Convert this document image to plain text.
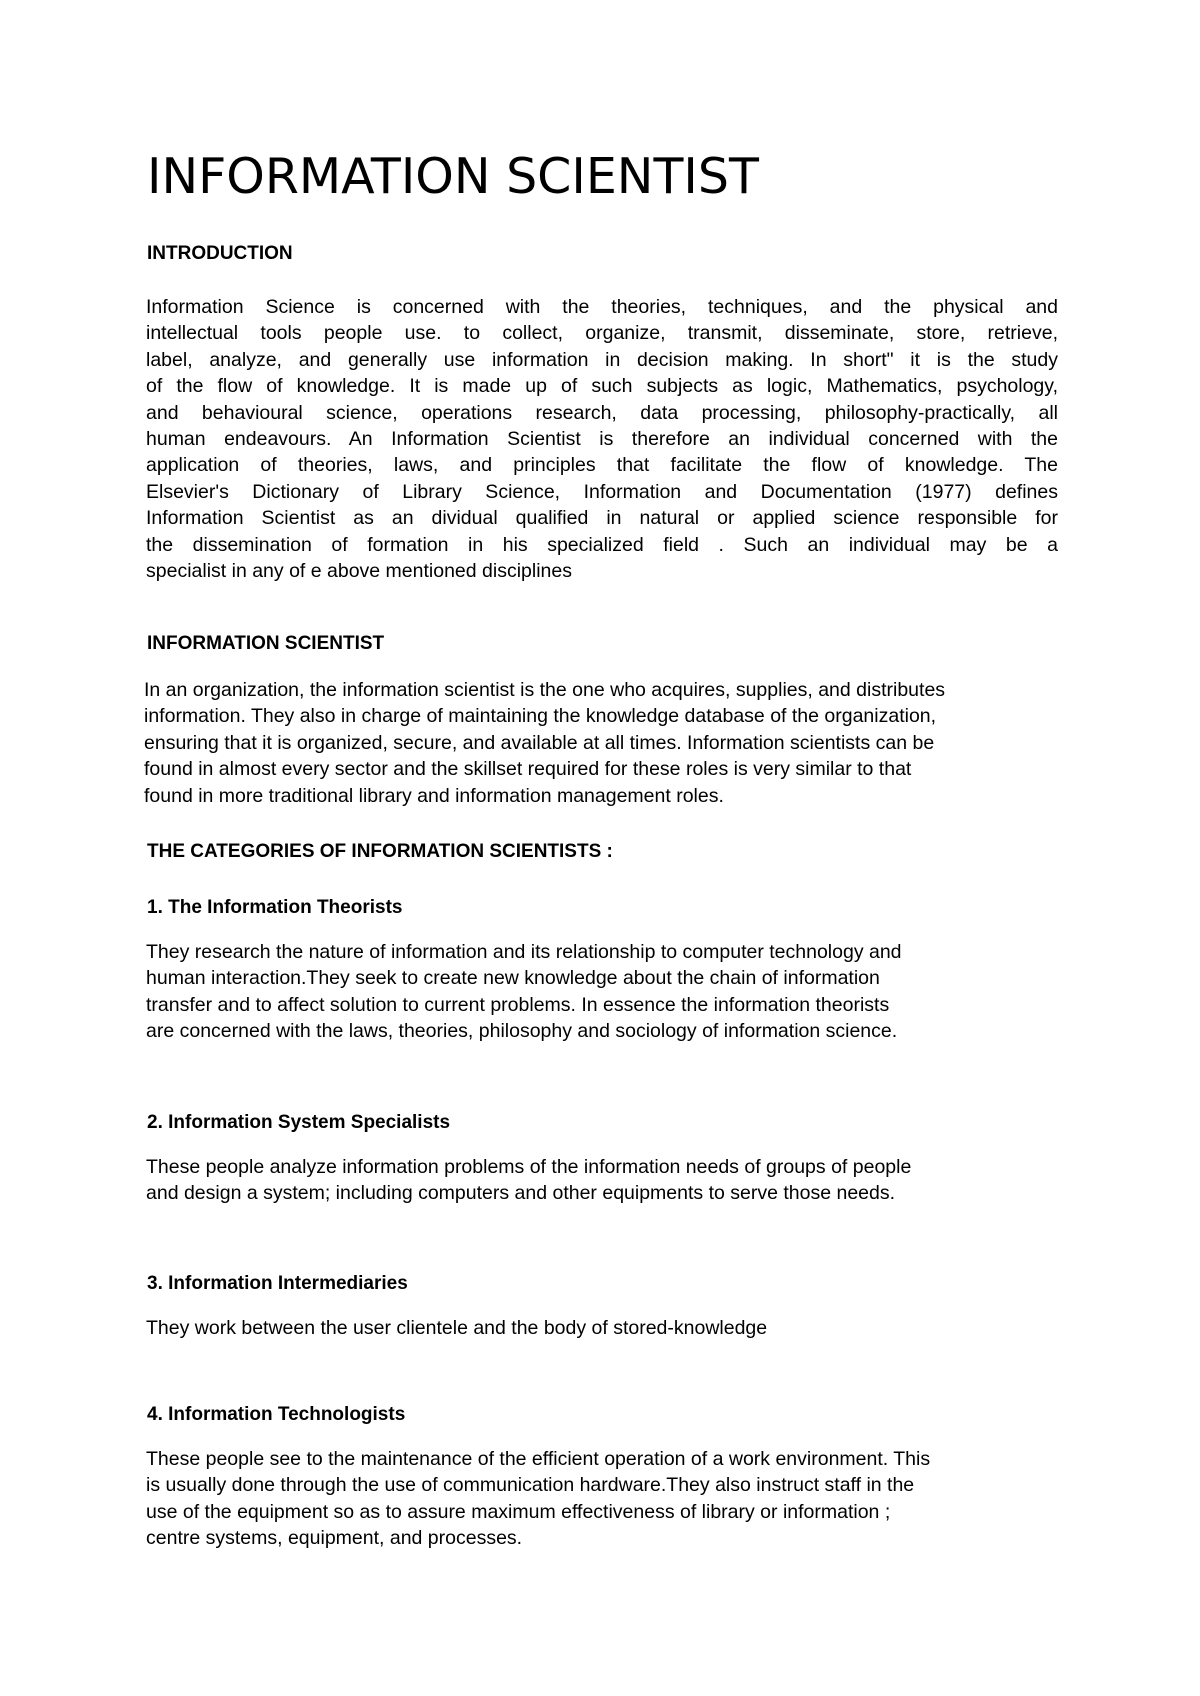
INFORMATION SCIENTIST
INTRODUCTION
Information Science is concerned with the theories, techniques, and the physical and
intellectual tools people use. to collect, organize, transmit, disseminate, store, retrieve,
label, analyze, and generally use information in decision making. In short" it is the study
of the flow of knowledge. It is made up of such subjects as logic, Mathematics, psychology,
and behavioural science, operations research, data processing, philosophy-practically, all
human endeavours. An Information Scientist is therefore an individual concerned with the
application of theories, laws, and principles that facilitate the flow of knowledge. The
Elsevier's Dictionary of Library Science, Information and Documentation (1977) defines
Information Scientist as an dividual qualified in natural or applied science responsible for
the dissemination of formation in his specialized field . Such an individual may be a
specialist in any of e above mentioned disciplines
INFORMATION SCIENTIST
In an organization, the information scientist is the one who acquires, supplies, and distributes
information. They also in charge of maintaining the knowledge database of the organization,
ensuring that it is organized, secure, and available at all times. Information scientists can be
found in almost every sector and the skillset required for these roles is very similar to that
found in more traditional library and information management roles.
THE CATEGORIES OF INFORMATION SCIENTISTS :
1. The Information Theorists
They research the nature of information and its relationship to computer technology and
human interaction.They seek to create new knowledge about the chain of information
transfer and to affect solution to current problems. In essence the information theorists
are concerned with the laws, theories, philosophy and sociology of information science.
2. Information System Specialists
These people analyze information problems of the information needs of groups of people
and design a system; including computers and other equipments to serve those needs.
3. Information Intermediaries
They work between the user clientele and the body of stored-knowledge
4. Information Technologists
These people see to the maintenance of the efficient operation of a work environment. This
is usually done through the use of communication hardware.They also instruct staff in the
use of the equipment so as to assure maximum effectiveness of library or information ;
centre systems, equipment, and processes.
